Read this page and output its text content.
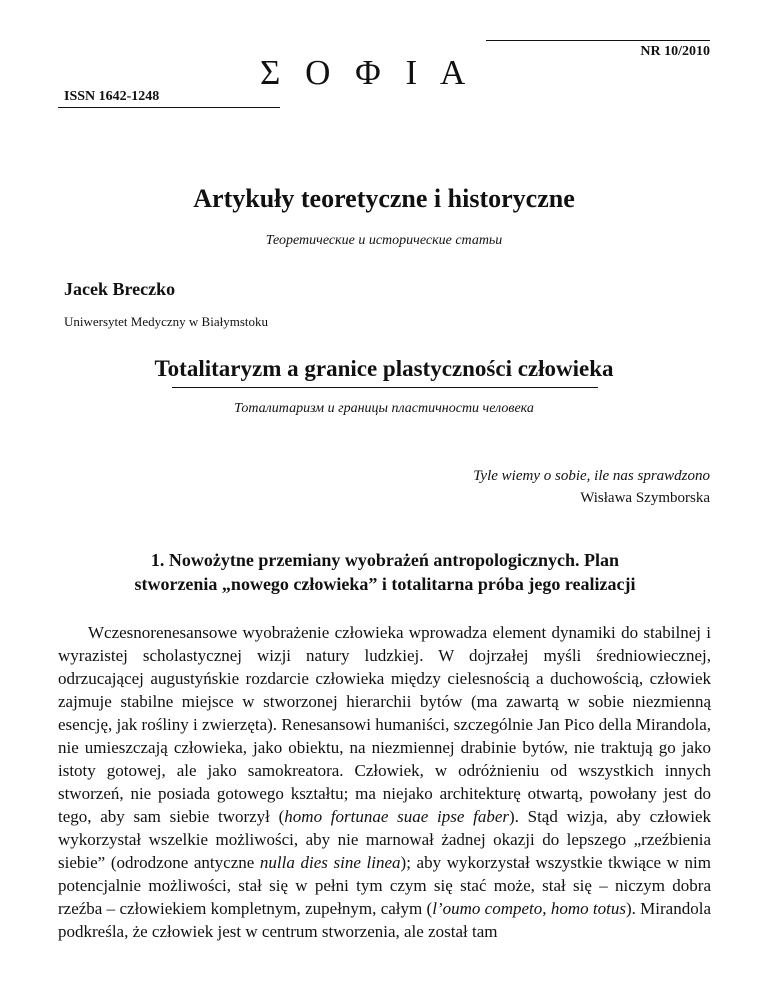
NR 10/2010
Σ Ο Φ Ι Α
ISSN 1642-1248
Artykuły teoretyczne i historyczne
Теоретические и исторические статьи
Jacek Breczko
Uniwersytet Medyczny w Białymstoku
Totalitaryzm a granice plastyczności człowieka
Тоталитаризм и границы пластичности человека
Tyle wiemy o sobie, ile nas sprawdzono
Wisława Szymborska
1. Nowożytne przemiany wyobrażeń antropologicznych. Plan
stworzenia „nowego człowieka” i totalitarna próba jego realizacji
Wczesnorenesansowe wyobrażenie człowieka wprowadza element dynamiki do stabilnej i wyrazistej scholastycznej wizji natury ludzkiej. W dojrzałej myśli średniowiecznej, odrzucającej augustyńskie rozdarcie człowieka między cielesnością a duchowością, człowiek zajmuje stabilne miejsce w stworzonej hierarchii bytów (ma zawartą w sobie niezmienną esencję, jak rośliny i zwierzęta). Renesansowi humaniści, szczególnie Jan Pico della Mirandola, nie umieszczają człowieka, jako obiektu, na niezmiennej drabinie bytów, nie traktują go jako istoty gotowej, ale jako samokreatora. Człowiek, w odróżnieniu od wszystkich innych stworzeń, nie posiada gotowego kształtu; ma niejako architekturę otwartą, powołany jest do tego, aby sam siebie tworzył (homo fortunae suae ipse faber). Stąd wizja, aby człowiek wykorzystał wszelkie możliwości, aby nie marnował żadnej okazji do lepszego „rzeźbienia siebie” (odrodzone antyczne nulla dies sine linea); aby wykorzystał wszystkie tkwiące w nim potencjalnie możliwości, stał się w pełni tym czym się stać może, stał się – niczym dobra rzeźba – człowiekiem kompletnym, zupełnym, całym (l’oumo competo, homo totus). Mirandola podkreśla, że człowiek jest w centrum stworzenia, ale został tam
